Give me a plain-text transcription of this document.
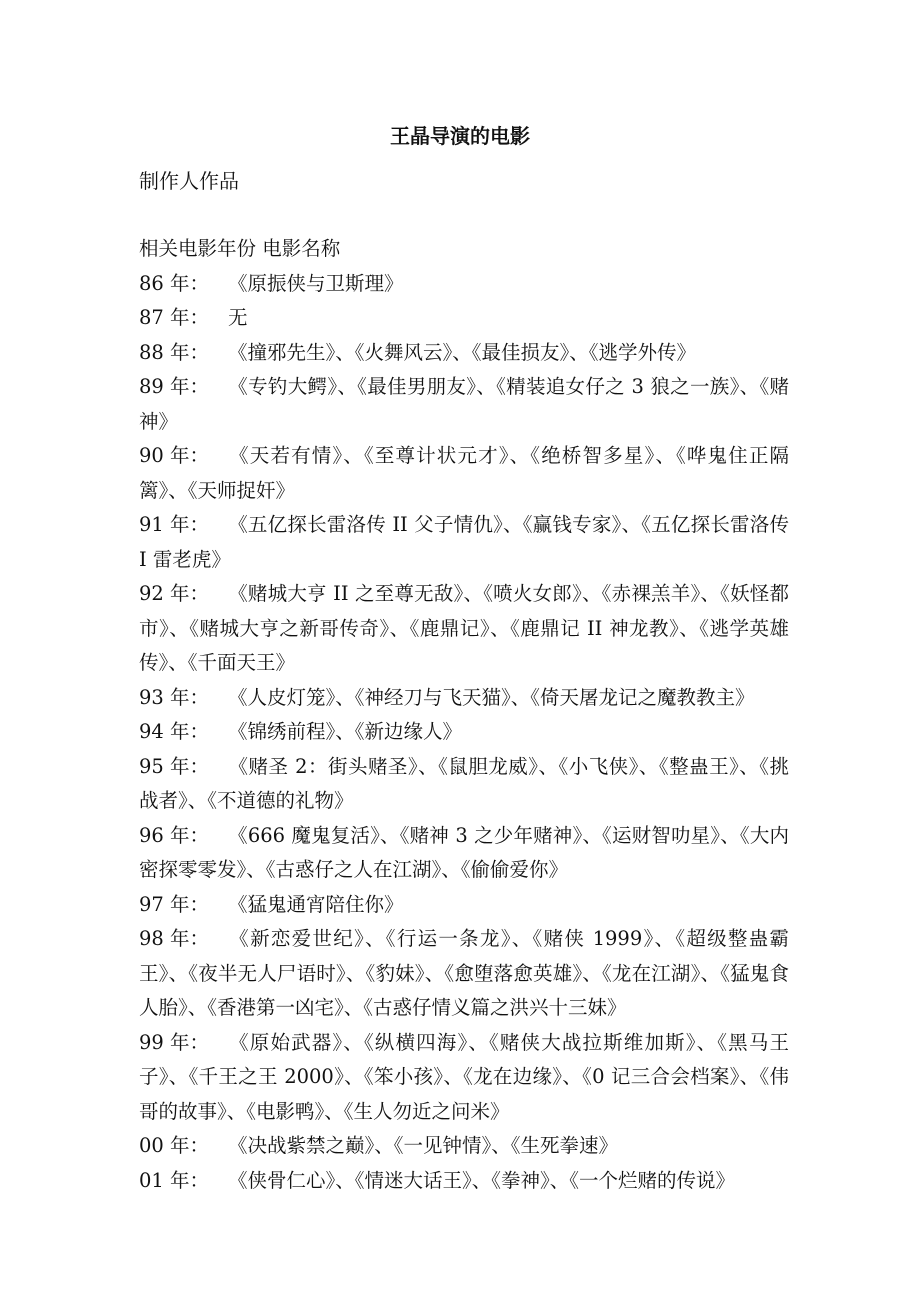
王晶导演的电影
制作人作品
相关电影年份 电影名称
86 年： 《原振侠与卫斯理》
87 年： 无
88 年： 《撞邪先生》、《火舞风云》、《最佳损友》、《逃学外传》
89 年： 《专钓大鳄》、《最佳男朋友》、《精装追女仔之 3 狼之一族》、《赌神》
90 年： 《天若有情》、《至尊计状元才》、《绝桥智多星》、《哗鬼住正隔篱》、《天师捉奸》
91 年： 《五亿探长雷洛传 II 父子情仇》、《赢钱专家》、《五亿探长雷洛传 I 雷老虎》
92 年： 《赌城大亨 II 之至尊无敌》、《喷火女郎》、《赤裸羔羊》、《妖怪都市》、《赌城大亨之新哥传奇》、《鹿鼎记》、《鹿鼎记 II 神龙教》、《逃学英雄传》、《千面天王》
93 年： 《人皮灯笼》、《神经刀与飞天猫》、《倚天屠龙记之魔教教主》
94 年： 《锦绣前程》、《新边缘人》
95 年： 《赌圣 2：街头赌圣》、《鼠胆龙威》、《小飞侠》、《整蛊王》、《挑战者》、《不道德的礼物》
96 年： 《666 魔鬼复活》、《赌神 3 之少年赌神》、《运财智叻星》、《大内密探零零发》、《古惑仔之人在江湖》、《偷偷爱你》
97 年： 《猛鬼通宵陪住你》
98 年： 《新恋爱世纪》、《行运一条龙》、《赌侠 1999》、《超级整蛊霸王》、《夜半无人尸语时》、《豹妹》、《愈堕落愈英雄》、《龙在江湖》、《猛鬼食人胎》、《香港第一凶宅》、《古惑仔情义篇之洪兴十三妹》
99 年： 《原始武器》、《纵横四海》、《赌侠大战拉斯维加斯》、《黑马王子》、《千王之王 2000》、《笨小孩》、《龙在边缘》、《0 记三合会档案》、《伟哥的故事》、《电影鸭》、《生人勿近之问米》
00 年： 《决战紫禁之巅》、《一见钟情》、《生死拳速》
01 年： 《侠骨仁心》、《情迷大话王》、《拳神》、《一个烂赌的传说》
